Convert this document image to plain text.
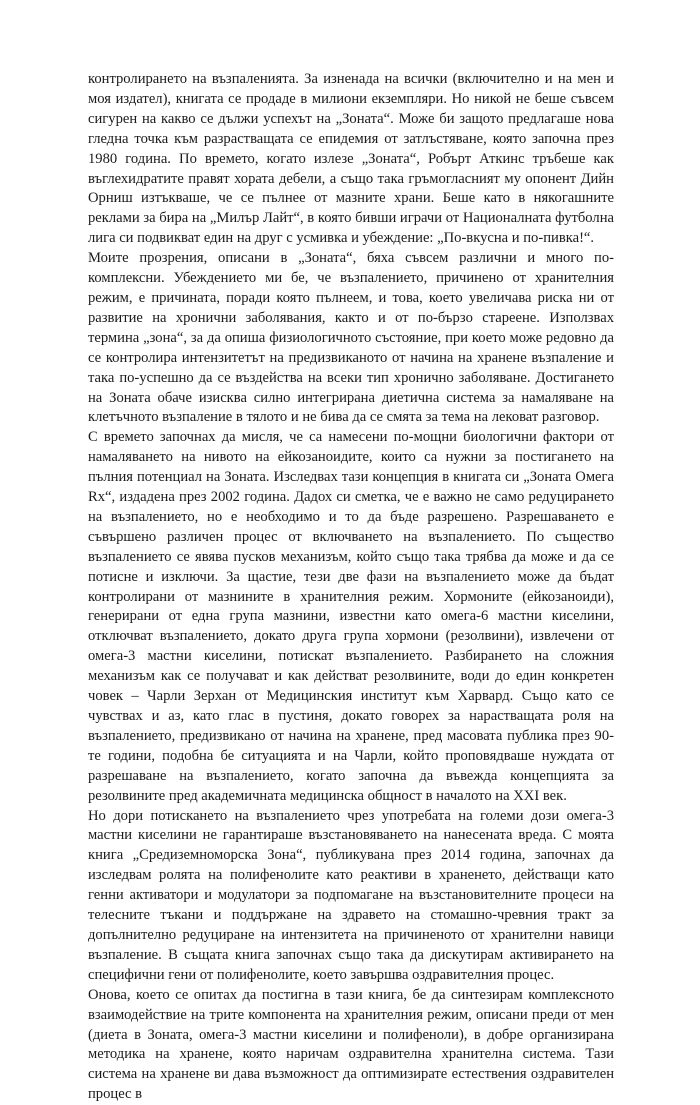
контролирането на възпаленията. За изненада на всички (включително и на мен и моя издател), книгата се продаде в милиони екземпляри. Но никой не беше съвсем сигурен на какво се дължи успехът на „Зоната“. Може би защото предлагаше нова гледна точка към разрастващата се епидемия от затлъстяване, която започна през 1980 година. По времето, когато излезе „Зоната“, Робърт Аткинс тръбеше как въглехидратите правят хората дебели, а също така гръмогласният му опонент Дийн Орниш изтъкваше, че се пълнее от мазните храни. Беше като в някогашните реклами за бира на „Милър Лайт“, в която бивши играчи от Националната футболна лига си подвикват един на друг с усмивка и убеждение: „По-вкусна и по-пивка!“.

Моите прозрения, описани в „Зоната“, бяха съвсем различни и много по-комплексни. Убеждението ми бе, че възпалението, причинено от хранителния режим, е причината, поради която пълнеем, и това, което увеличава риска ни от развитие на хронични заболявания, както и от по-бързо стареене. Използвах термина „зона“, за да опиша физиологичното състояние, при което може редовно да се контролира интензитетът на предизвиканото от начина на хранене възпаление и така по-успешно да се въздейства на всеки тип хронично заболяване. Достигането на Зоната обаче изисква силно интегрирана диетична система за намаляване на клетъчното възпаление в тялото и не бива да се смята за тема на лековат разговор.

С времето започнах да мисля, че са намесени по-мощни биологични фактори от намаляването на нивото на ейкозаноидите, които са нужни за постигането на пълния потенциал на Зоната. Изследвах тази концепция в книгата си „Зоната Омега Rx“, издадена през 2002 година. Дадох си сметка, че е важно не само редуцирането на възпалението, но е необходимо и то да бъде разрешено. Разрешаването е съвършено различен процес от включването на възпалението. По същество възпалението се явява пусков механизъм, който също така трябва да може и да се потисне и изключи. За щастие, тези две фази на възпалението може да бъдат контролирани от мазнините в хранителния режим. Хормоните (ейкозаноиди), генерирани от една група мазнини, известни като омега-6 мастни киселини, отключват възпалението, докато друга група хормони (резолвини), извлечени от омега-3 мастни киселини, потискат възпалението. Разбирането на сложния механизъм как се получават и как действат резолвините, води до един конкретен човек – Чарли Зерхан от Медицинския институт към Харвард. Също като се чувствах и аз, като глас в пустиня, докато говорех за нарастващата роля на възпалението, предизвикано от начина на хранене, пред масовата публика през 90-те години, подобна бе ситуацията и на Чарли, който проповядваше нуждата от разрешаване на възпалението, когато започна да въвежда концепцията за резолвините пред академичната медицинска общност в началото на XXI век.

Но дори потискането на възпалението чрез употребата на големи дози омега-3 мастни киселини не гарантираше възстановяването на нанесената вреда. С моята книга „Средиземноморска Зона“, публикувана през 2014 година, започнах да изследвам ролята на полифенолите като реактиви в храненето, действащи като генни активатори и модулатори за подпомагане на възстановителните процеси на телесните тъкани и поддържане на здравето на стомашно-чревния тракт за допълнително редуциране на интензитета на причиненото от хранителни навици възпаление. В същата книга започнах също така да дискутирам активирането на специфични гени от полифенолите, което завършва оздравителния процес.

Онова, което се опитах да постигна в тази книга, бе да синтезирам комплексното взаимодействие на трите компонента на хранителния режим, описани преди от мен (диета в Зоната, омега-3 мастни киселини и полифеноли), в добре организирана методика на хранене, която наричам оздравителна хранителна система. Тази система на хранене ви дава възможност да оптимизирате естествения оздравителен процес в
